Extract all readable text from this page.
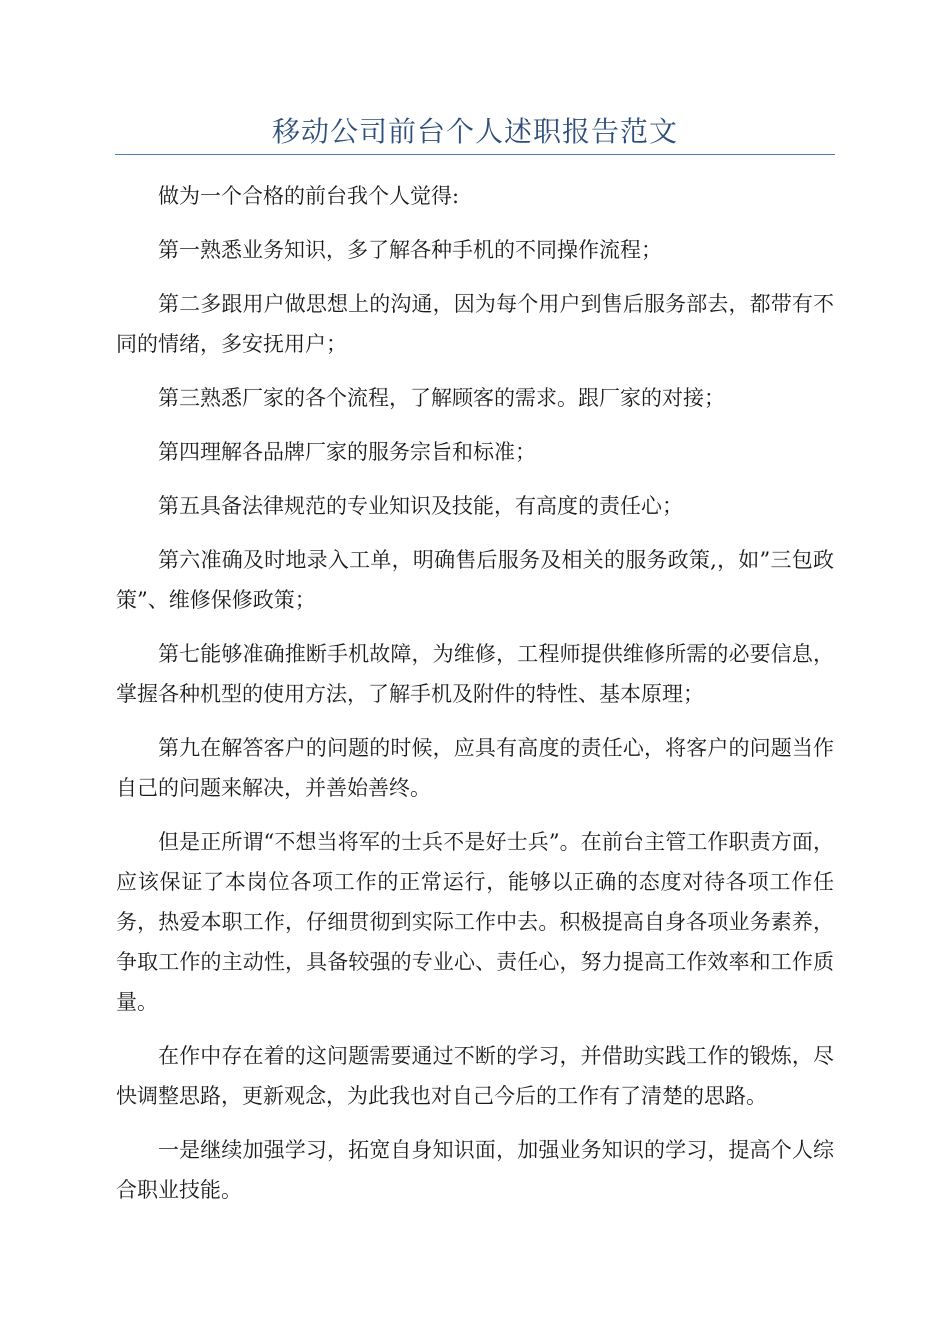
移动公司前台个人述职报告范文

做为一个合格的前台我个人觉得:

第一熟悉业务知识，多了解各种手机的不同操作流程；

第二多跟用户做思想上的沟通，因为每个用户到售后服务部去，都带有不同的情绪，多安抚用户；

第三熟悉厂家的各个流程，了解顾客的需求。跟厂家的对接；

第四理解各品牌厂家的服务宗旨和标准；

第五具备法律规范的专业知识及技能，有高度的责任心；

第六准确及时地录入工单，明确售后服务及相关的服务政策,，如”三包政策”、维修保修政策；

第七能够准确推断手机故障，为维修，工程师提供维修所需的必要信息，掌握各种机型的使用方法，了解手机及附件的特性、基本原理；

第九在解答客户的问题的时候，应具有高度的责任心，将客户的问题当作自己的问题来解决，并善始善终。

但是正所谓“不想当将军的士兵不是好士兵”。在前台主管工作职责方面，应该保证了本岗位各项工作的正常运行，能够以正确的态度对待各项工作任务，热爱本职工作，仔细贯彻到实际工作中去。积极提高自身各项业务素养，争取工作的主动性，具备较强的专业心、责任心，努力提高工作效率和工作质量。

在作中存在着的这问题需要通过不断的学习，并借助实践工作的锻炼，尽快调整思路，更新观念，为此我也对自己今后的工作有了清楚的思路。

一是继续加强学习，拓宽自身知识面，加强业务知识的学习，提高个人综合职业技能。
